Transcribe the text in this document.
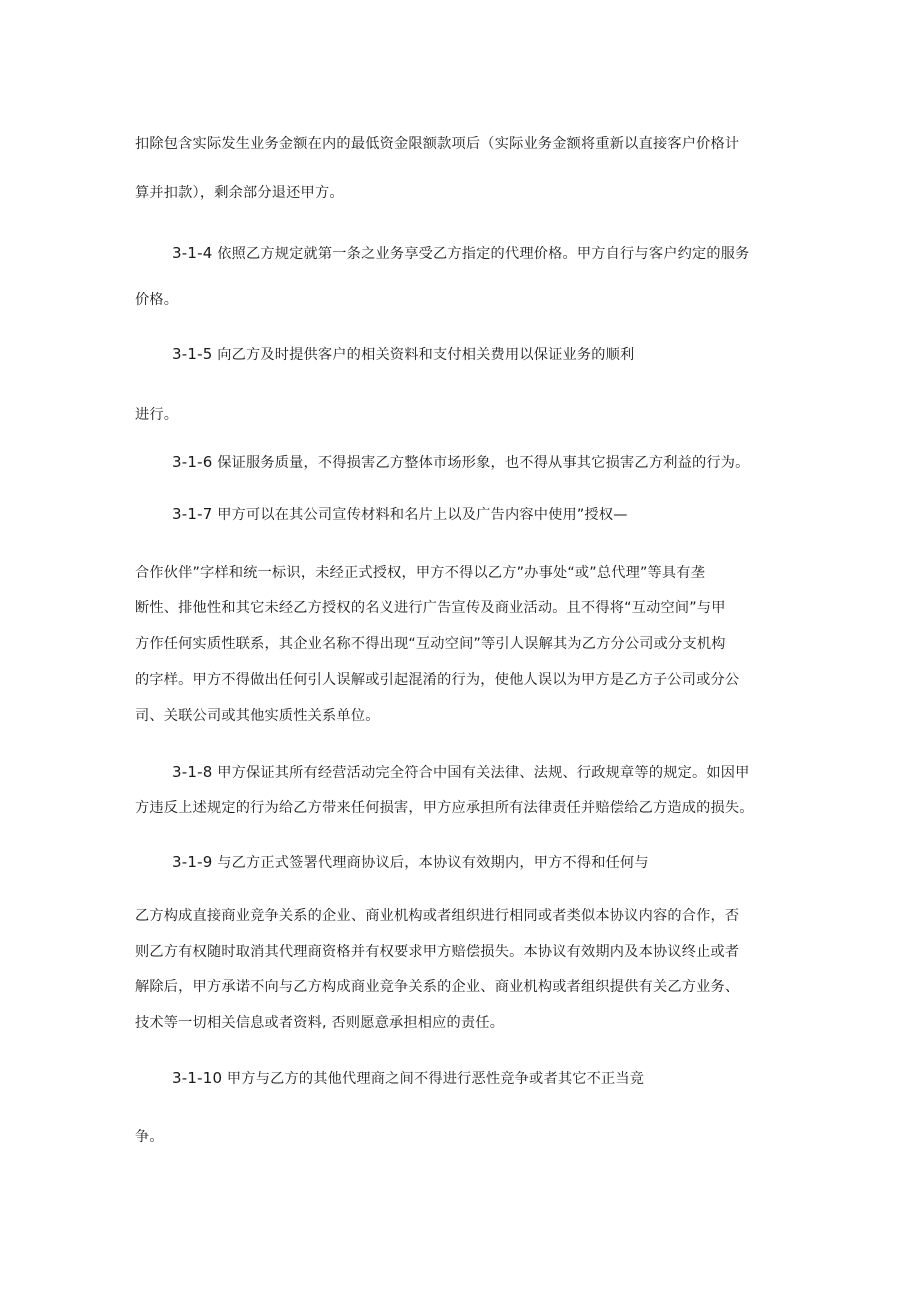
扣除包含实际发生业务金额在内的最低资金限额款项后（实际业务金额将重新以直接客户价格计

算并扣款），剩余部分退还甲方。

3-1-4 依照乙方规定就第一条之业务享受乙方指定的代理价格。甲方自行与客户约定的服务

价格。

3-1-5 向乙方及时提供客户的相关资料和支付相关费用以保证业务的顺利

进行。

3-1-6 保证服务质量，不得损害乙方整体市场形象，也不得从事其它损害乙方利益的行为。

3-1-7 甲方可以在其公司宣传材料和名片上以及广告内容中使用”授权—

合作伙伴”字样和统一标识，未经正式授权，甲方不得以乙方”办事处“或”总代理”等具有垄

断性、排他性和其它未经乙方授权的名义进行广告宣传及商业活动。且不得将“互动空间”与甲

方作任何实质性联系，其企业名称不得出现“互动空间”等引人误解其为乙方分公司或分支机构

的字样。甲方不得做出任何引人误解或引起混淆的行为，使他人误以为甲方是乙方子公司或分公

司、关联公司或其他实质性关系单位。

3-1-8 甲方保证其所有经营活动完全符合中国有关法律、法规、行政规章等的规定。如因甲

方违反上述规定的行为给乙方带来任何损害，甲方应承担所有法律责任并赔偿给乙方造成的损失。

3-1-9 与乙方正式签署代理商协议后，本协议有效期内，甲方不得和任何与

乙方构成直接商业竞争关系的企业、商业机构或者组织进行相同或者类似本协议内容的合作，否

则乙方有权随时取消其代理商资格并有权要求甲方赔偿损失。本协议有效期内及本协议终止或者

解除后，甲方承诺不向与乙方构成商业竞争关系的企业、商业机构或者组织提供有关乙方业务、

技术等一切相关信息或者资料, 否则愿意承担相应的责任。

3-1-10 甲方与乙方的其他代理商之间不得进行恶性竞争或者其它不正当竞

争。
